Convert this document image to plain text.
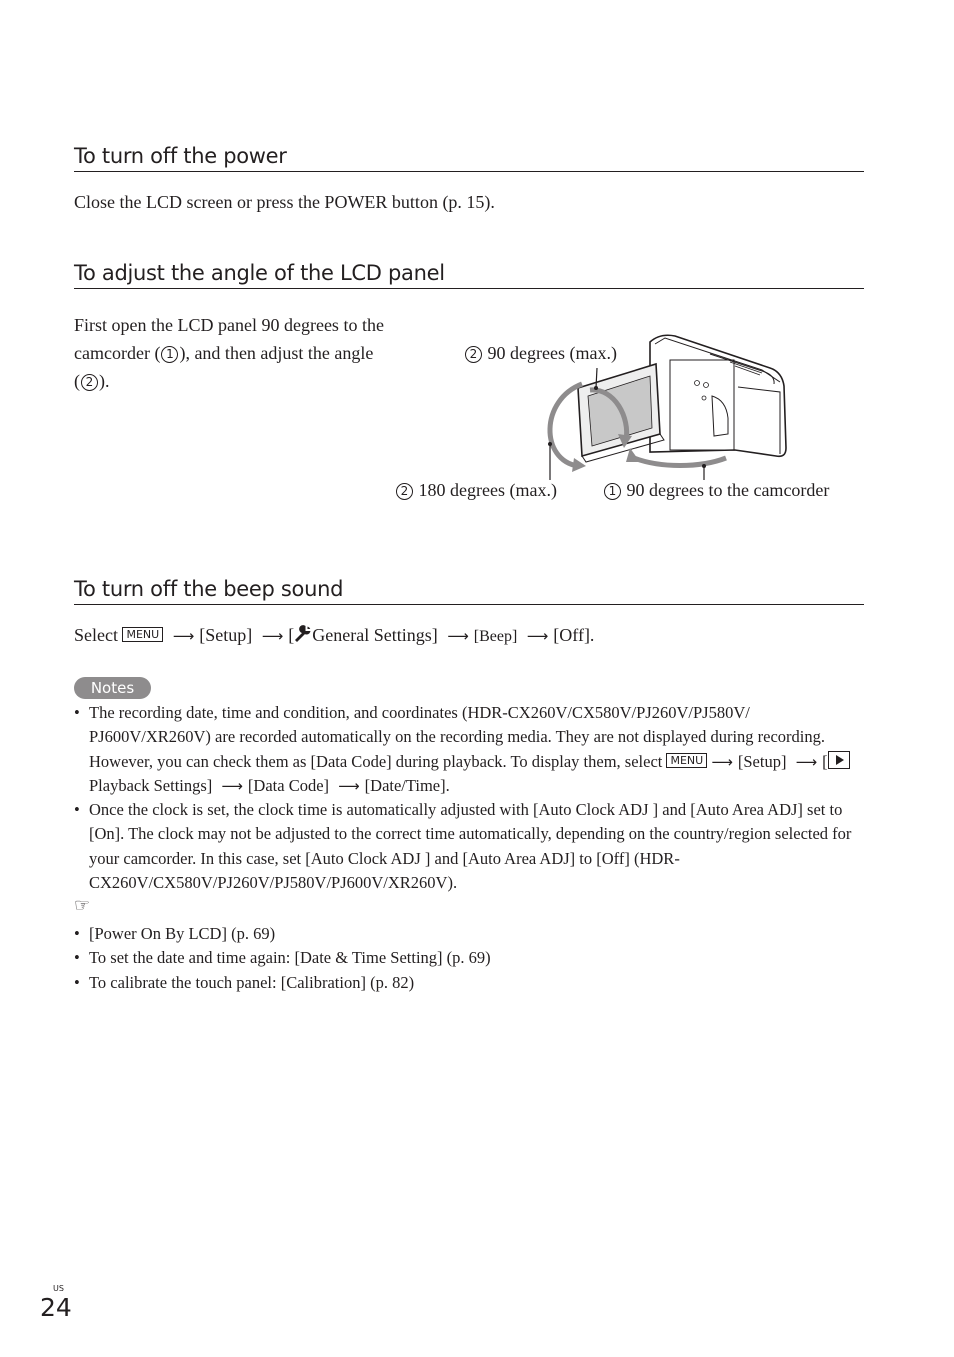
To turn off the power
Close the LCD screen or press the POWER button (p. 15).
To adjust the angle of the LCD panel
First open the LCD panel 90 degrees to the
camcorder ( 1 ), and then adjust the angle
( 2 ).
2 90 degrees (max.)
2 180 degrees (max.)	1 90 degrees to the camcorder
To turn off the beep sound
Select MENU ⟶ [Setup] ⟶ [ General Settings] ⟶ [Beep] ⟶ [Off].
Notes
• The recording date, time and condition, and coordinates (HDR-CX260V/CX580V/PJ260V/PJ580V/ PJ600V/XR260V) are recorded automatically on the recording media. They are not displayed during recording. However, you can check them as [Data Code] during playback. To display them, select MENU ⟶ [Setup] ⟶ [Playback Settings] ⟶ [Data Code] ⟶ [Date/Time].
• Once the clock is set, the clock time is automatically adjusted with [Auto Clock ADJ ] and [Auto Area ADJ] set to [On]. The clock may not be adjusted to the correct time automatically, depending on the country/region selected for your camcorder. In this case, set [Auto Clock ADJ ] and [Auto Area ADJ] to [Off] (HDR-CX260V/CX580V/PJ260V/PJ580V/PJ600V/XR260V).
☞
• [Power On By LCD] (p. 69)
• To set the date and time again: [Date & Time Setting] (p. 69)
• To calibrate the touch panel: [Calibration] (p. 82)
US
24
